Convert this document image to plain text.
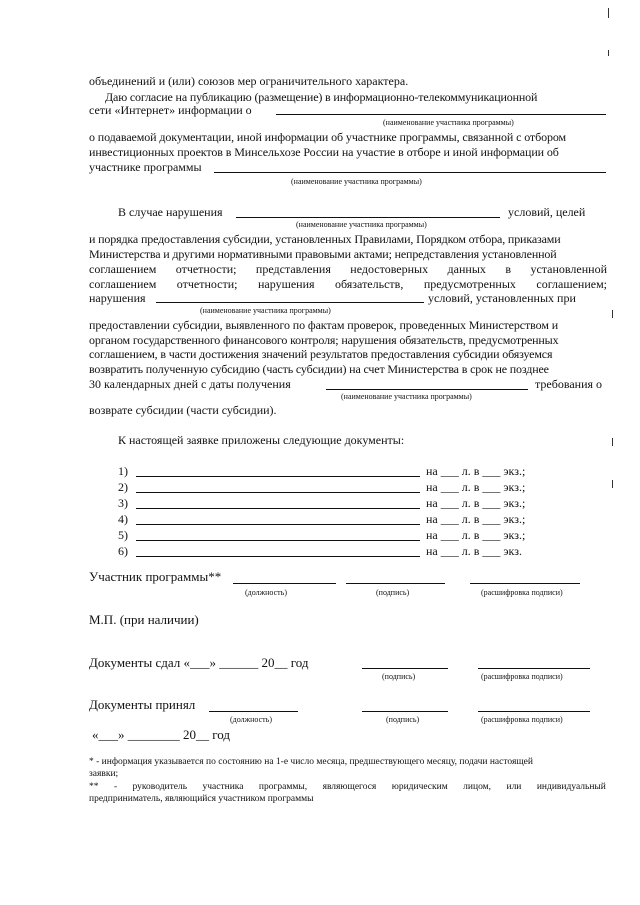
объединений и (или) союзов мер ограничительного характера.
Даю согласие на публикацию (размещение) в информационно-телекоммуникационной
сети «Интернет» информации о
(наименование участника программы)
о подаваемой документации, иной информации об участнике программы, связанной с отбором
инвестиционных проектов в Минсельхозе России на участие в отборе и иной информации об
участнике программы
(наименование участника программы)
В случае нарушения	условий, целей
(наименование участника программы)
и порядка предоставления субсидии, установленных Правилами, Порядком отбора, приказами
Министерства и другими нормативными правовыми актами; непредставления установленной
соглашением отчетности; представления недостоверных данных в установленной
соглашением отчетности; нарушения обязательств, предусмотренных соглашением;
нарушения	условий, установленных при
(наименование участника программы)
предоставлении субсидии, выявленного по фактам проверок, проведенных Министерством и
органом государственного финансового контроля; нарушения обязательств, предусмотренных
соглашением, в части достижения значений результатов предоставления субсидии обязуемся
возвратить полученную субсидию (часть субсидии) на счет Министерства в срок не позднее
30 календарных дней с даты получения	требования о
(наименование участника программы)
возврате субсидии (части субсидии).
К настоящей заявке приложены следующие документы:
1)	на ___ л. в ___ экз.;
2)	на ___ л. в ___ экз.;
3)	на ___ л. в ___ экз.;
4)	на ___ л. в ___ экз.;
5)	на ___ л. в ___ экз.;
6)	на ___ л. в ___ экз.
Участник программы**
(должность)	(подпись)	(расшифровка подписи)
М.П. (при наличии)
Документы сдал «___» ______ 20__ год
(подпись)	(расшифровка подписи)
Документы принял
(должность)	(подпись)	(расшифровка подписи)
«___» ________ 20__ год
* - информация указывается по состоянию на 1-е число месяца, предшествующего месяцу, подачи настоящей
заявки;
** - руководитель участника программы, являющегося юридическим лицом, или индивидуальный
предприниматель, являющийся участником программы
